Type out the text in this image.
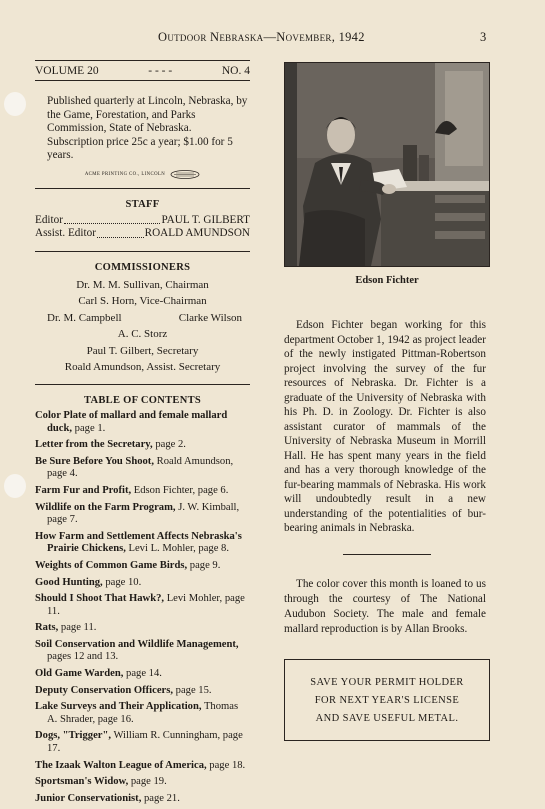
Outdoor Nebraska—November, 1942	3
VOLUME 20	- - - -	NO. 4
Published quarterly at Lincoln, Nebraska, by the Game, Forestation, and Parks Commission, State of Nebraska. Subscription price 25c a year; $1.00 for 5 years.
ACME PRINTING CO., LINCOLN
STAFF
Editor	PAUL T. GILBERT
Assist. Editor	ROALD AMUNDSON
COMMISSIONERS

Dr. M. M. Sullivan, Chairman

Carl S. Horn, Vice-Chairman

Dr. M. Campbell	Clarke Wilson

A. C. Storz

Paul T. Gilbert, Secretary

Roald Amundson, Assist. Secretary

TABLE OF CONTENTS
Color Plate of mallard and female mallard duck, page 1.
Letter from the Secretary, page 2.
Be Sure Before You Shoot, Roald Amundson, page 4.
Farm Fur and Profit, Edson Fichter, page 6.
Wildlife on the Farm Program, J. W. Kimball, page 7.
How Farm and Settlement Affects Nebraska's Prairie Chickens, Levi L. Mohler, page 8.
Weights of Common Game Birds, page 9.
Good Hunting, page 10.
Should I Shoot That Hawk?, Levi Mohler, page 11.
Rats, page 11.
Soil Conservation and Wildlife Management, pages 12 and 13.
Old Game Warden, page 14.
Deputy Conservation Officers, page 15.
Lake Surveys and Their Application, Thomas A. Shrader, page 16.
Dogs, "Trigger", William R. Cunningham, page 17.
The Izaak Walton League of America, page 18.
Sportsman's Widow, page 19.
Junior Conservationist, page 21.
Edson Fichter
Edson Fichter began working for this department October 1, 1942 as project leader of the newly instigated Pittman-Robertson project involving the survey of the fur resources of Nebraska. Dr. Fichter is a graduate of the University of Nebraska with his Ph. D. in Zoology. Dr. Fichter is also assistant curator of mammals of the University of Nebraska Museum in Morrill Hall. He has spent many years in the field and has a very thorough knowledge of the fur-bearing mammals of Nebraska. His work will undoubtedly result in a new understanding of the potentialities of bur-bearing animals in Nebraska.
The color cover this month is loaned to us through the courtesy of The National Audubon Society. The male and female mallard reproduction is by Allan Brooks.
SAVE YOUR PERMIT HOLDER
FOR NEXT YEAR'S LICENSE
AND SAVE USEFUL METAL.
